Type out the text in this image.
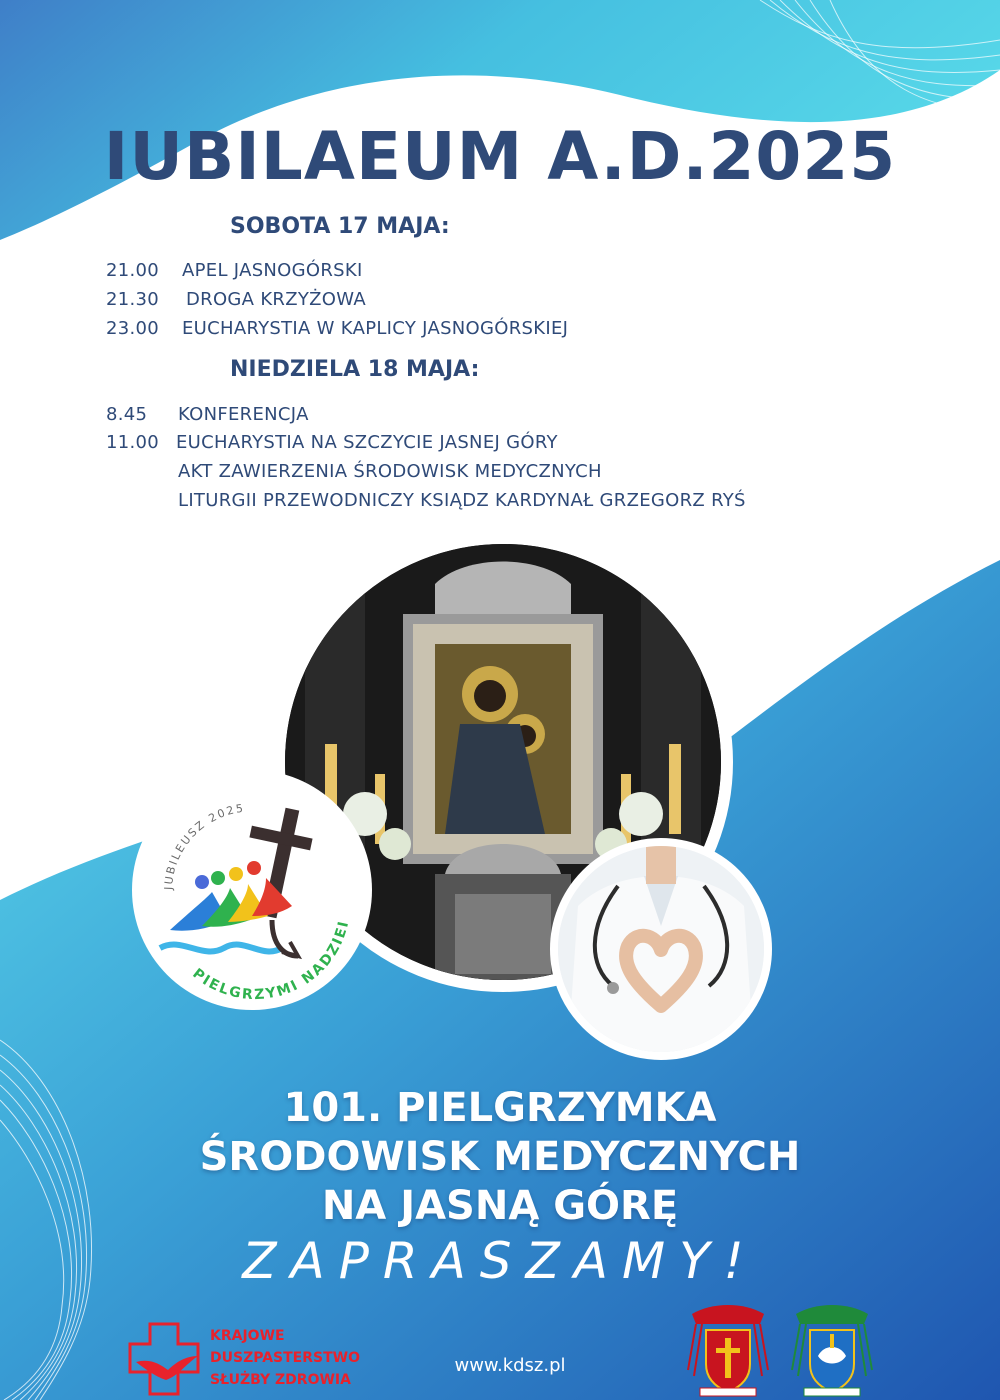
IUBILAEUM A.D.2025
SOBOTA 17 MAJA:
21.00 APEL JASNOGÓRSKI
21.30 DROGA KRZYŻOWA
23.00 EUCHARYSTIA W KAPLICY JASNOGÓRSKIEJ
NIEDZIELA 18 MAJA:
8.45 KONFERENCJA
11.00 EUCHARYSTIA NA SZCZYCIE JASNEJ GÓRY
AKT ZAWIERZENIA ŚRODOWISK MEDYCZNYCH
LITURGII PRZEWODNICZY KSIĄDZ KARDYNAŁ GRZEGORZ RYŚ
JUBILEUSZ 2025
PIELGRZYMI NADZIEI
101. PIELGRZYMKA
ŚRODOWISK MEDYCZNYCH
NA JASNĄ GÓRĘ
ZAPRASZAMY!
KRAJOWE
DUSZPASTERSTWO
SŁUŻBY ZDROWIA
www.kdsz.pl
